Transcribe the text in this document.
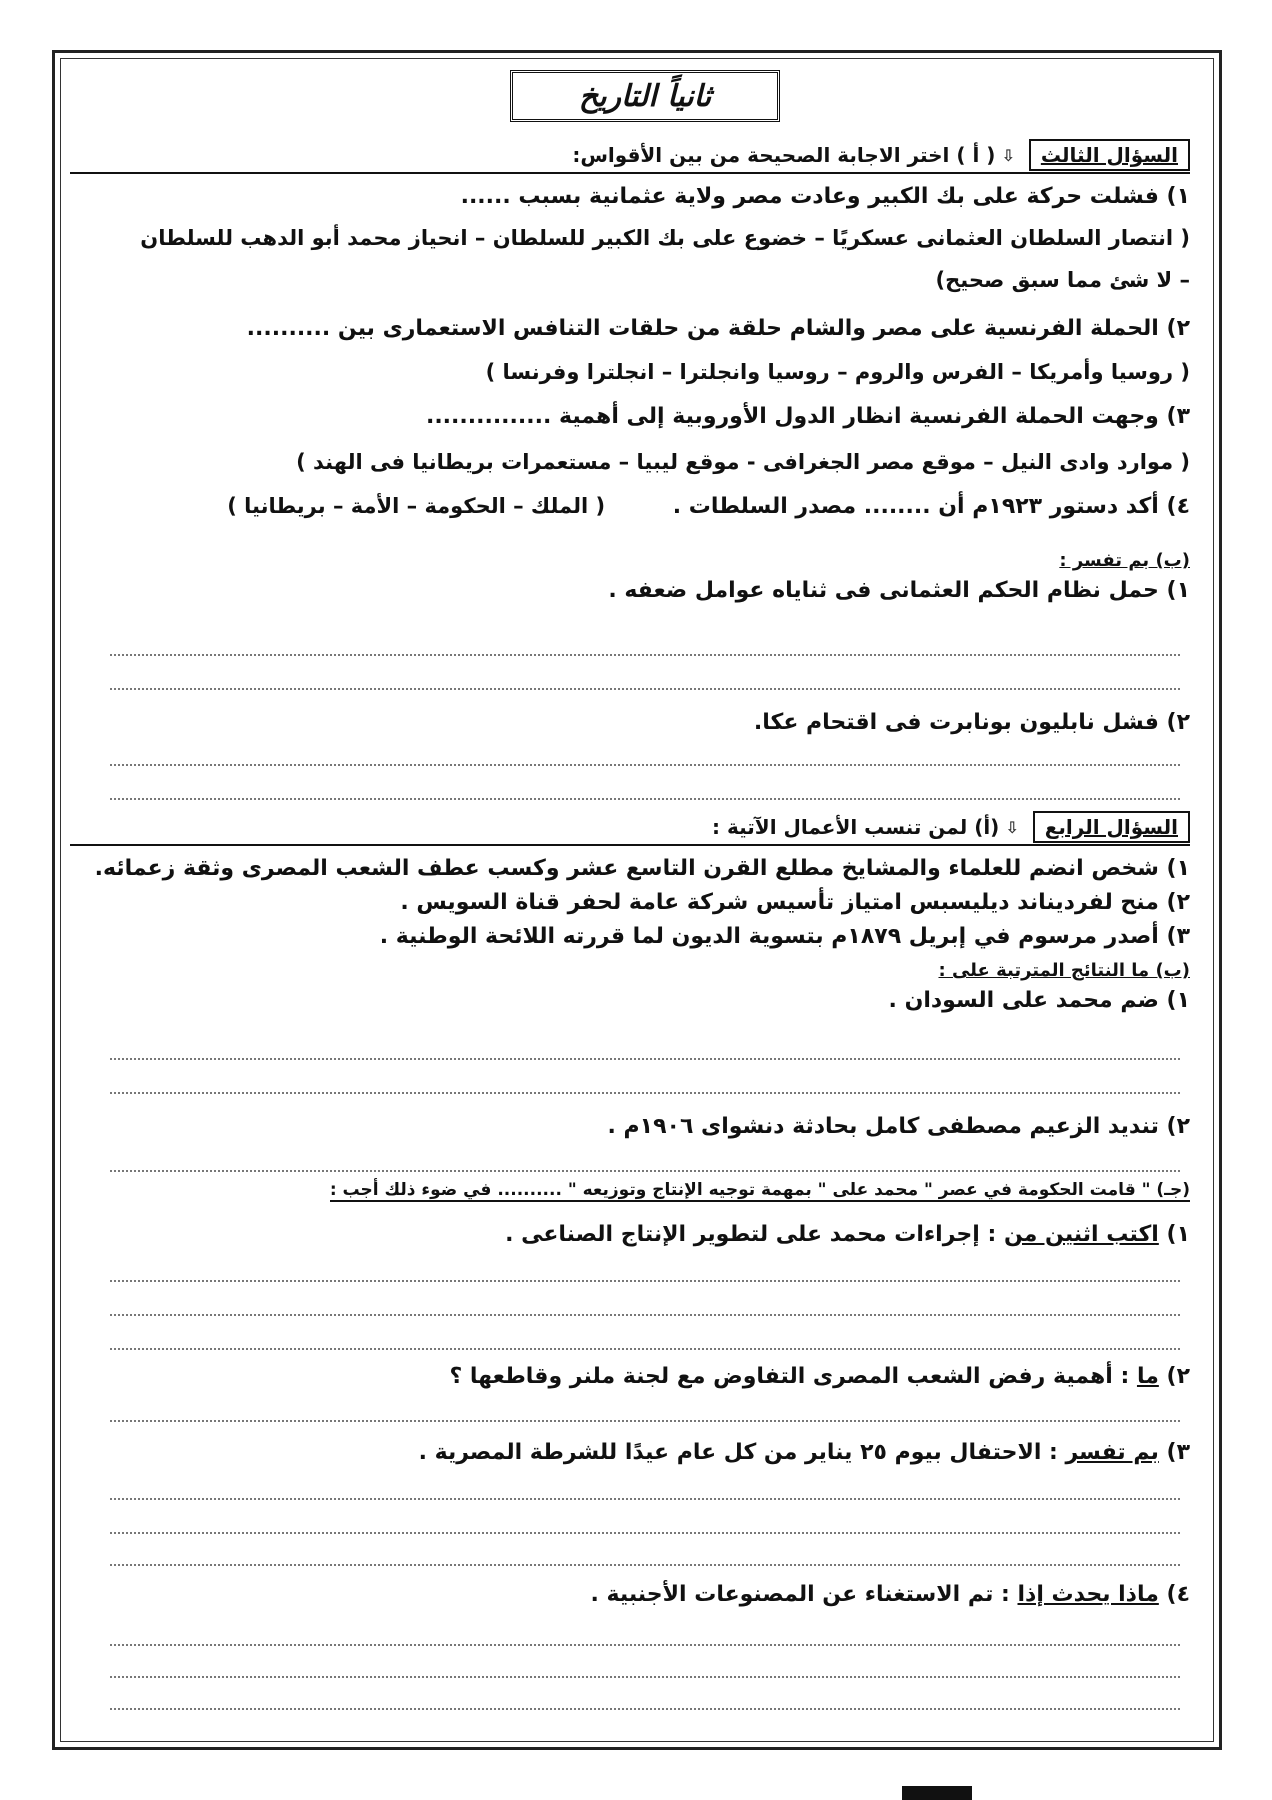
ثانياً التاريخ
السؤال الثالث
⇩
( أ ) اختر الاجابة الصحيحة من بين الأقواس:
١) فشلت حركة على بك الكبير وعادت مصر ولاية عثمانية بسبب ......
( انتصار السلطان العثمانى عسكريًا – خضوع على بك الكبير للسلطان – انحياز محمد أبو الدهب للسلطان
– لا شئ مما سبق صحيح)
٢) الحملة الفرنسية على مصر والشام حلقة من حلقات التنافس الاستعمارى بين ..........
( روسيا وأمريكا – الفرس والروم – روسيا وانجلترا – انجلترا وفرنسا )
٣) وجهت الحملة الفرنسية انظار الدول الأوروبية إلى أهمية ...............
( موارد وادى النيل – موقع مصر الجغرافى - موقع ليبيا – مستعمرات بريطانيا فى الهند )
٤) أكد دستور ١٩٢٣م أن ........ مصدر السلطات . ( الملك – الحكومة – الأمة – بريطانيا )
(ب) بم تفسر :
١) حمل نظام الحكم العثمانى فى ثناياه عوامل ضعفه .
٢) فشل نابليون بونابرت فى اقتحام عكا.
السؤال الرابع
⇩
(أ) لمن تنسب الأعمال الآتية :
١) شخص انضم للعلماء والمشايخ مطلع القرن التاسع عشر وكسب عطف الشعب المصرى وثقة زعمائه.
٢) منح لفرديناند ديليسبس امتياز تأسيس شركة عامة لحفر قناة السويس .
٣) أصدر مرسوم في إبريل ١٨٧٩م بتسوية الديون لما قررته اللائحة الوطنية .
(ب) ما النتائج المترتبة على :
١) ضم محمد على السودان .
٢) تنديد الزعيم مصطفى كامل بحادثة دنشواى ١٩٠٦م .
(جـ) " قامت الحكومة في عصر " محمد على " بمهمة توجيه الإنتاج وتوزيعه " .......... في ضوء ذلك أجب :
١) اكتب اثنين من : إجراءات محمد على لتطوير الإنتاج الصناعى .
٢) ما : أهمية رفض الشعب المصرى التفاوض مع لجنة ملنر وقاطعها ؟
٣) بم تفسر : الاحتفال بيوم ٢٥ يناير من كل عام عيدًا للشرطة المصرية .
٤) ماذا يحدث إذا : تم الاستغناء عن المصنوعات الأجنبية .
